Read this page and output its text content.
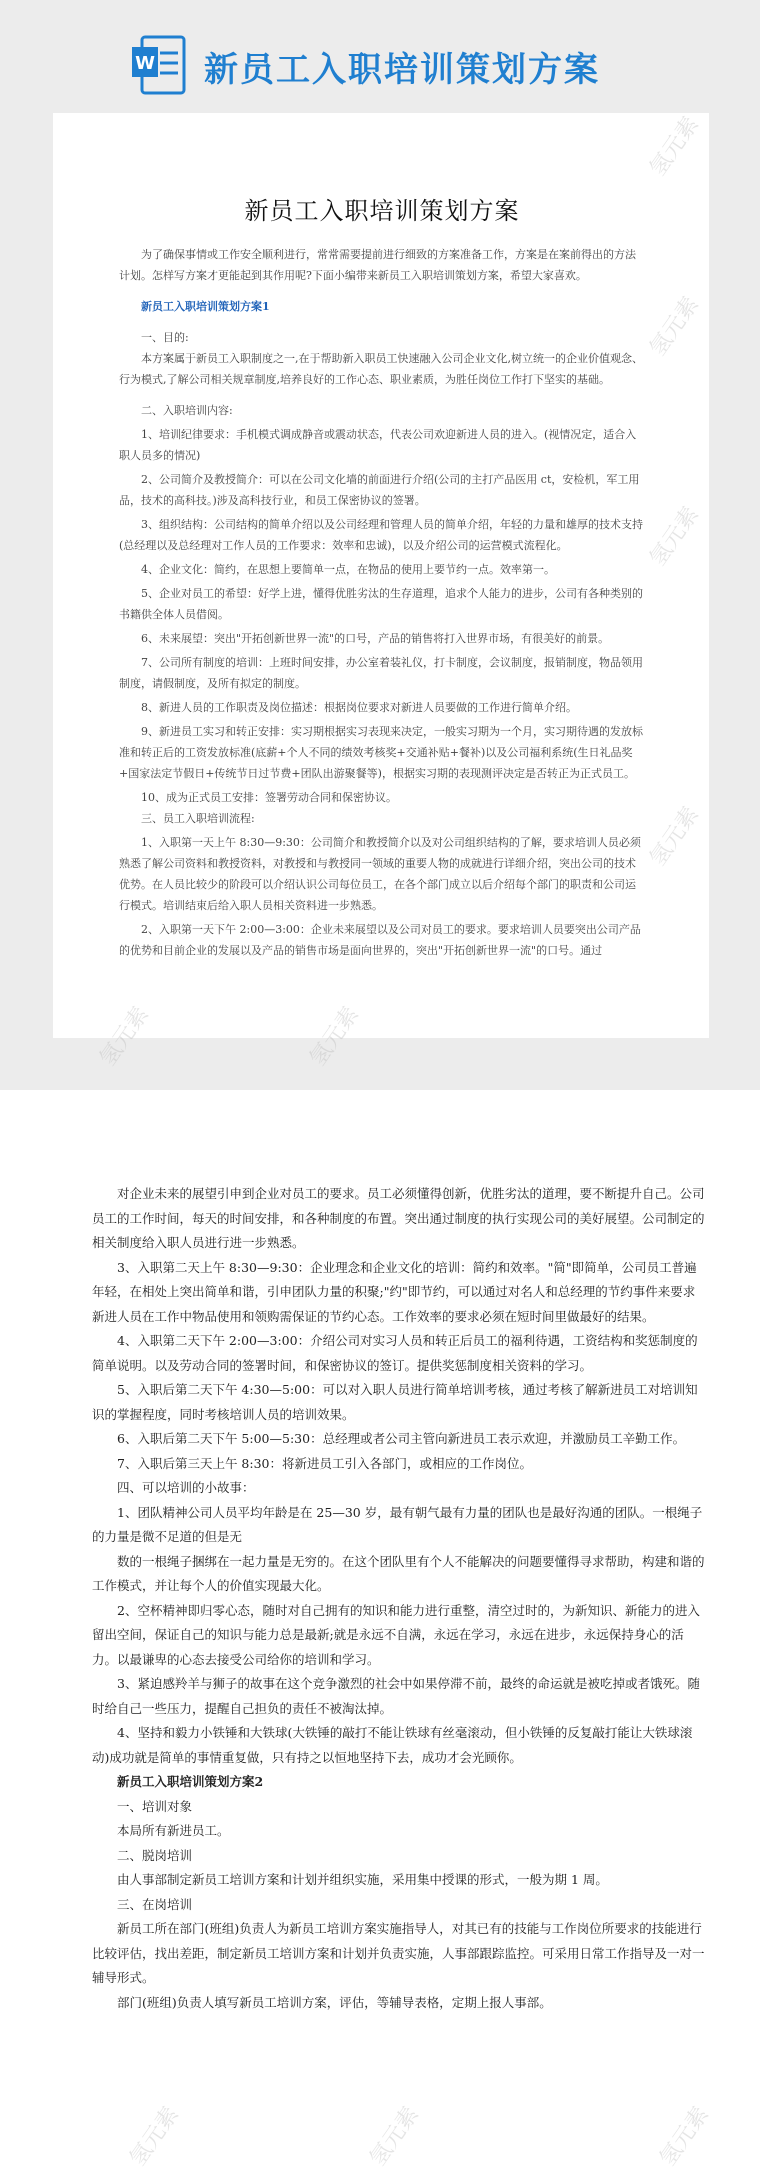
W 新员工入职培训策划方案
新员工入职培训策划方案

为了确保事情或工作安全顺利进行，常常需要提前进行细致的方案准备工作，方案是在案前得出的方法计划。怎样写方案才更能起到其作用呢?下面小编带来新员工入职培训策划方案，希望大家喜欢。

新员工入职培训策划方案1

一、目的:

本方案属于新员工入职制度之一,在于帮助新入职员工快速融入公司企业文化,树立统一的企业价值观念、行为模式,了解公司相关规章制度,培养良好的工作心态、职业素质，为胜任岗位工作打下坚实的基础。

二、入职培训内容:

1、培训纪律要求：手机模式调成静音或震动状态，代表公司欢迎新进人员的进入。(视情况定，适合入职人员多的情况)

2、公司简介及教授简介：可以在公司文化墙的前面进行介绍(公司的主打产品医用 ct，安检机，军工用品，技术的高科技。)涉及高科技行业，和员工保密协议的签署。

3、组织结构：公司结构的简单介绍以及公司经理和管理人员的简单介绍，年轻的力量和雄厚的技术支持(总经理以及总经理对工作人员的工作要求：效率和忠诚)，以及介绍公司的运营模式流程化。

4、企业文化：简约，在思想上要简单一点，在物品的使用上要节约一点。效率第一。

5、企业对员工的希望：好学上进，懂得优胜劣汰的生存道理，追求个人能力的进步，公司有各种类别的书籍供全体人员借阅。

6、未来展望：突出"开拓创新世界一流"的口号，产品的销售将打入世界市场，有很美好的前景。

7、公司所有制度的培训：上班时间安排，办公室着装礼仪，打卡制度，会议制度，报销制度，物品领用制度，请假制度，及所有拟定的制度。

8、新进人员的工作职责及岗位描述：根据岗位要求对新进人员要做的工作进行简单介绍。

9、新进员工实习和转正安排：实习期根据实习表现来决定，一般实习期为一个月，实习期待遇的发放标准和转正后的工资发放标准(底薪+个人不同的绩效考核奖+交通补贴+餐补)以及公司福利系统(生日礼品奖+国家法定节假日+传统节日过节费+团队出游聚餐等)，根据实习期的表现测评决定是否转正为正式员工。

10、成为正式员工安排：签署劳动合同和保密协议。

三、员工入职培训流程:

1、入职第一天上午 8:30—9:30：公司简介和教授简介以及对公司组织结构的了解，要求培训人员必须熟悉了解公司资料和教授资料，对教授和与教授同一领域的重要人物的成就进行详细介绍，突出公司的技术优势。在人员比较少的阶段可以介绍认识公司每位员工，在各个部门成立以后介绍每个部门的职责和公司运行模式。培训结束后给入职人员相关资料进一步熟悉。

2、入职第一天下午 2:00—3:00：企业未来展望以及公司对员工的要求。要求培训人员要突出公司产品的优势和目前企业的发展以及产品的销售市场是面向世界的，突出"开拓创新世界一流"的口号。通过

对企业未来的展望引申到企业对员工的要求。员工必须懂得创新，优胜劣汰的道理，要不断提升自己。公司员工的工作时间，每天的时间安排，和各种制度的布置。突出通过制度的执行实现公司的美好展望。公司制定的相关制度给入职人员进行进一步熟悉。

3、入职第二天上午 8:30—9:30：企业理念和企业文化的培训：简约和效率。"简"即简单，公司员工普遍年轻，在相处上突出简单和谐，引申团队力量的积聚;"约"即节约，可以通过对名人和总经理的节约事件来要求新进人员在工作中物品使用和领购需保证的节约心态。工作效率的要求必须在短时间里做最好的结果。

4、入职第二天下午 2:00—3:00：介绍公司对实习人员和转正后员工的福利待遇，工资结构和奖惩制度的简单说明。以及劳动合同的签署时间，和保密协议的签订。提供奖惩制度相关资料的学习。

5、入职后第二天下午 4:30—5:00：可以对入职人员进行简单培训考核，通过考核了解新进员工对培训知识的掌握程度，同时考核培训人员的培训效果。

6、入职后第二天下午 5:00—5:30：总经理或者公司主管向新进员工表示欢迎，并激励员工辛勤工作。

7、入职后第三天上午 8:30：将新进员工引入各部门，或相应的工作岗位。

四、可以培训的小故事：

1、团队精神公司人员平均年龄是在 25—30 岁，最有朝气最有力量的团队也是最好沟通的团队。一根绳子的力量是微不足道的但是无

数的一根绳子捆绑在一起力量是无穷的。在这个团队里有个人不能解决的问题要懂得寻求帮助，构建和谐的工作模式，并让每个人的价值实现最大化。

2、空杯精神即归零心态，随时对自己拥有的知识和能力进行重整，清空过时的，为新知识、新能力的进入留出空间，保证自己的知识与能力总是最新;就是永远不自满，永远在学习，永远在进步，永远保持身心的活力。以最谦卑的心态去接受公司给你的培训和学习。

3、紧迫感羚羊与狮子的故事在这个竞争激烈的社会中如果停滞不前，最终的命运就是被吃掉或者饿死。随时给自己一些压力，提醒自己担负的责任不被淘汰掉。

4、坚持和毅力小铁锤和大铁球(大铁锤的敲打不能让铁球有丝毫滚动，但小铁锤的反复敲打能让大铁球滚动)成功就是简单的事情重复做，只有持之以恒地坚持下去，成功才会光顾你。

新员工入职培训策划方案2

一、培训对象

本局所有新进员工。

二、脱岗培训

由人事部制定新员工培训方案和计划并组织实施，采用集中授课的形式，一般为期 1 周。

三、在岗培训

新员工所在部门(班组)负责人为新员工培训方案实施指导人，对其已有的技能与工作岗位所要求的技能进行比较评估，找出差距，制定新员工培训方案和计划并负责实施，人事部跟踪监控。可采用日常工作指导及一对一辅导形式。

部门(班组)负责人填写新员工培训方案，评估，等辅导表格，定期上报人事部。

氢元素
氢元素
氢元素
氢元素
氢元素
氢元素
氢元素	氢元素	氢元素
